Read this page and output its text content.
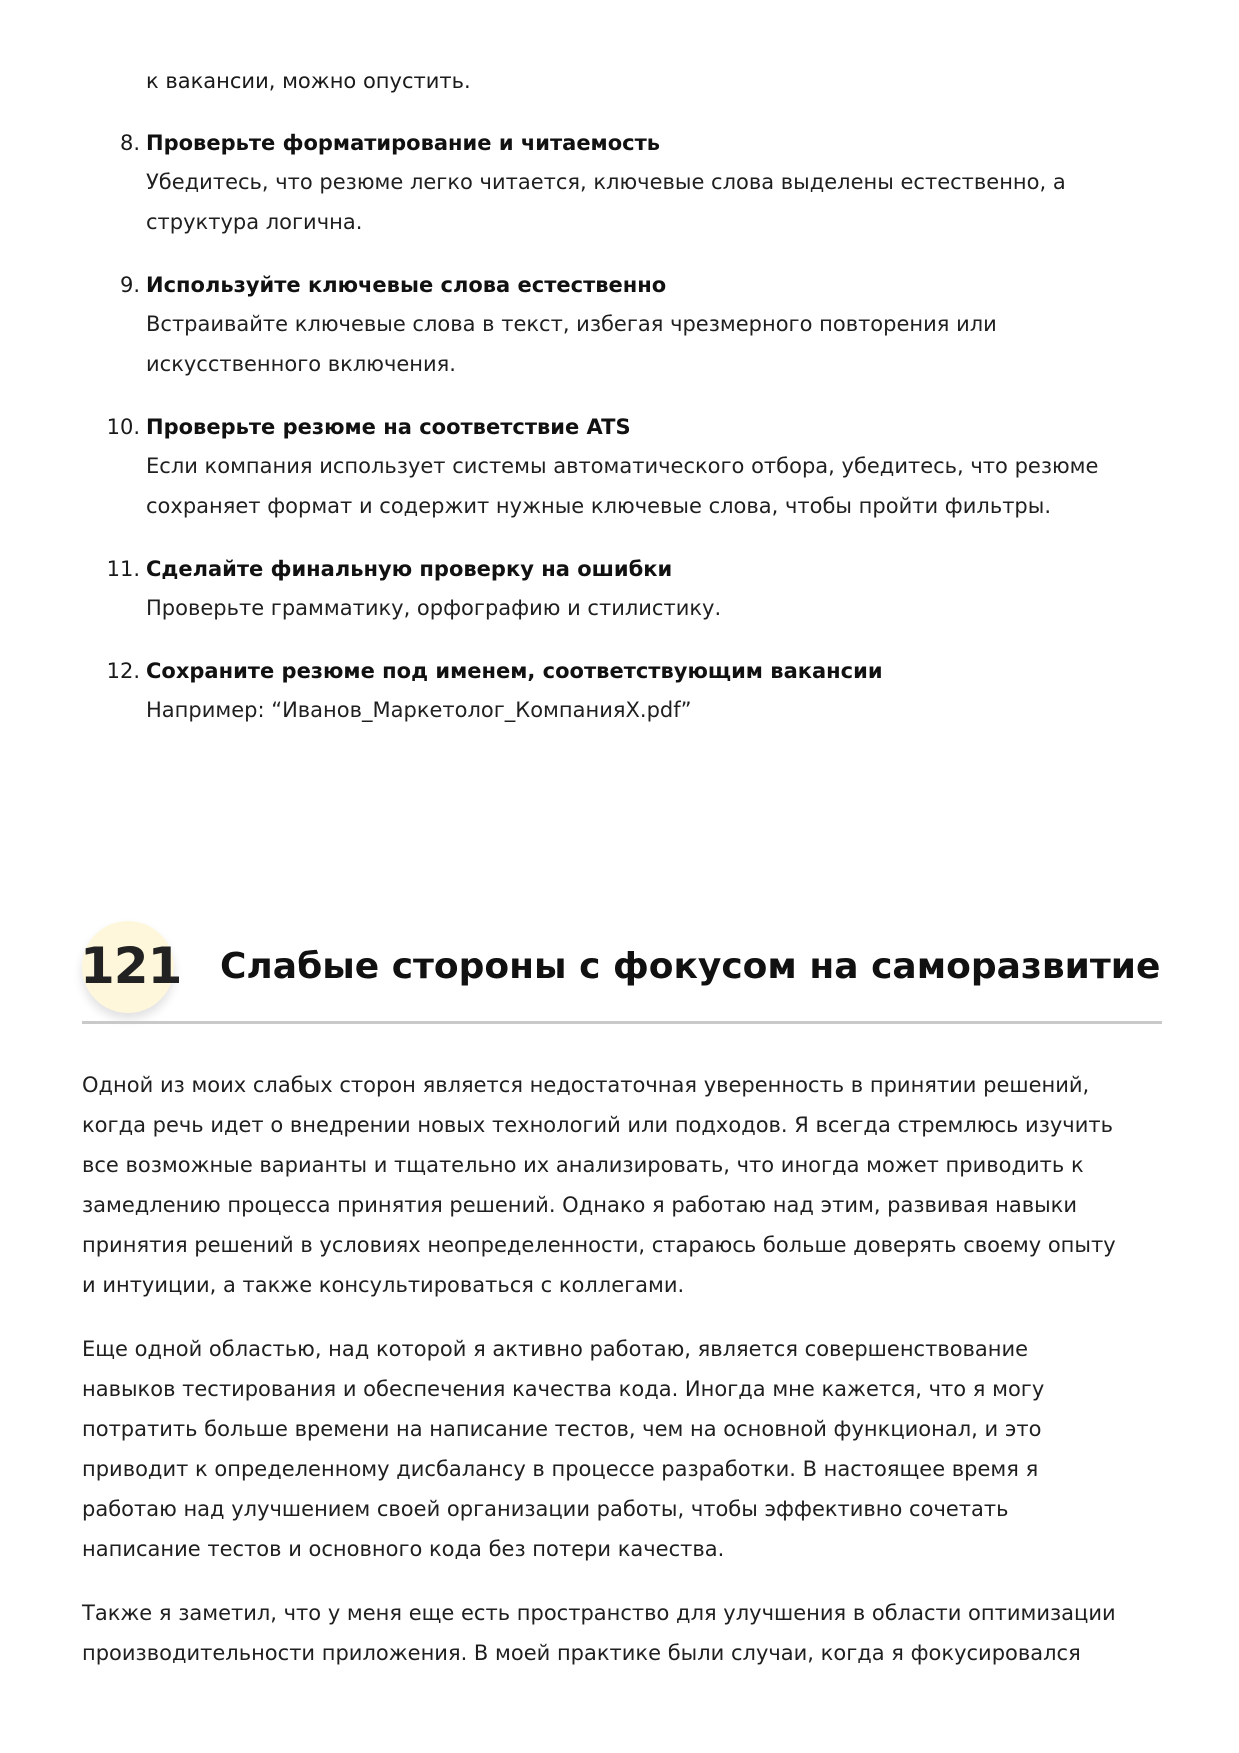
к вакансии, можно опустить.

8. Проверьте форматирование и читаемость

Убедитесь, что резюме легко читается, ключевые слова выделены естественно, а

структура логична.

9. Используйте ключевые слова естественно

Встраивайте ключевые слова в текст, избегая чрезмерного повторения или

искусственного включения.

10. Проверьте резюме на соответствие ATS

Если компания использует системы автоматического отбора, убедитесь, что резюме

сохраняет формат и содержит нужные ключевые слова, чтобы пройти фильтры.

11. Сделайте финальную проверку на ошибки

Проверьте грамматику, орфографию и стилистику.

12. Сохраните резюме под именем, соответствующим вакансии

Например: “Иванов_Маркетолог_КомпанияX.pdf”

121 Слабые стороны с фокусом на саморазвитие

Одной из моих слабых сторон является недостаточная уверенность в принятии решений,
когда речь идет о внедрении новых технологий или подходов. Я всегда стремлюсь изучить
все возможные варианты и тщательно их анализировать, что иногда может приводить к
замедлению процесса принятия решений. Однако я работаю над этим, развивая навыки
принятия решений в условиях неопределенности, стараюсь больше доверять своему опыту
и интуиции, а также консультироваться с коллегами.

Еще одной областью, над которой я активно работаю, является совершенствование
навыков тестирования и обеспечения качества кода. Иногда мне кажется, что я могу
потратить больше времени на написание тестов, чем на основной функционал, и это
приводит к определенному дисбалансу в процессе разработки. В настоящее время я
работаю над улучшением своей организации работы, чтобы эффективно сочетать
написание тестов и основного кода без потери качества.

Также я заметил, что у меня еще есть пространство для улучшения в области оптимизации
производительности приложения. В моей практике были случаи, когда я фокусировался
